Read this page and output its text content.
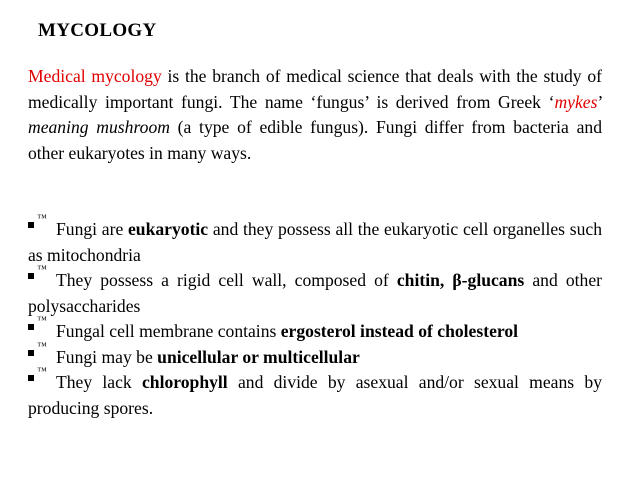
MYCOLOGY
Medical mycology is the branch of medical science that deals with the study of medically important fungi. The name ‘fungus’ is derived from Greek ‘mykes’ meaning mushroom (a type of edible fungus). Fungi differ from bacteria and other eukaryotes in many ways.
™
Fungi are eukaryotic and they possess all the eukaryotic cell organelles such as mitochondria
™
They possess a rigid cell wall, composed of chitin, β-glucans and other polysaccharides
™
Fungal cell membrane contains ergosterol instead of cholesterol
™
Fungi may be unicellular or multicellular
™
They lack chlorophyll and divide by asexual and/or sexual means by producing spores.
